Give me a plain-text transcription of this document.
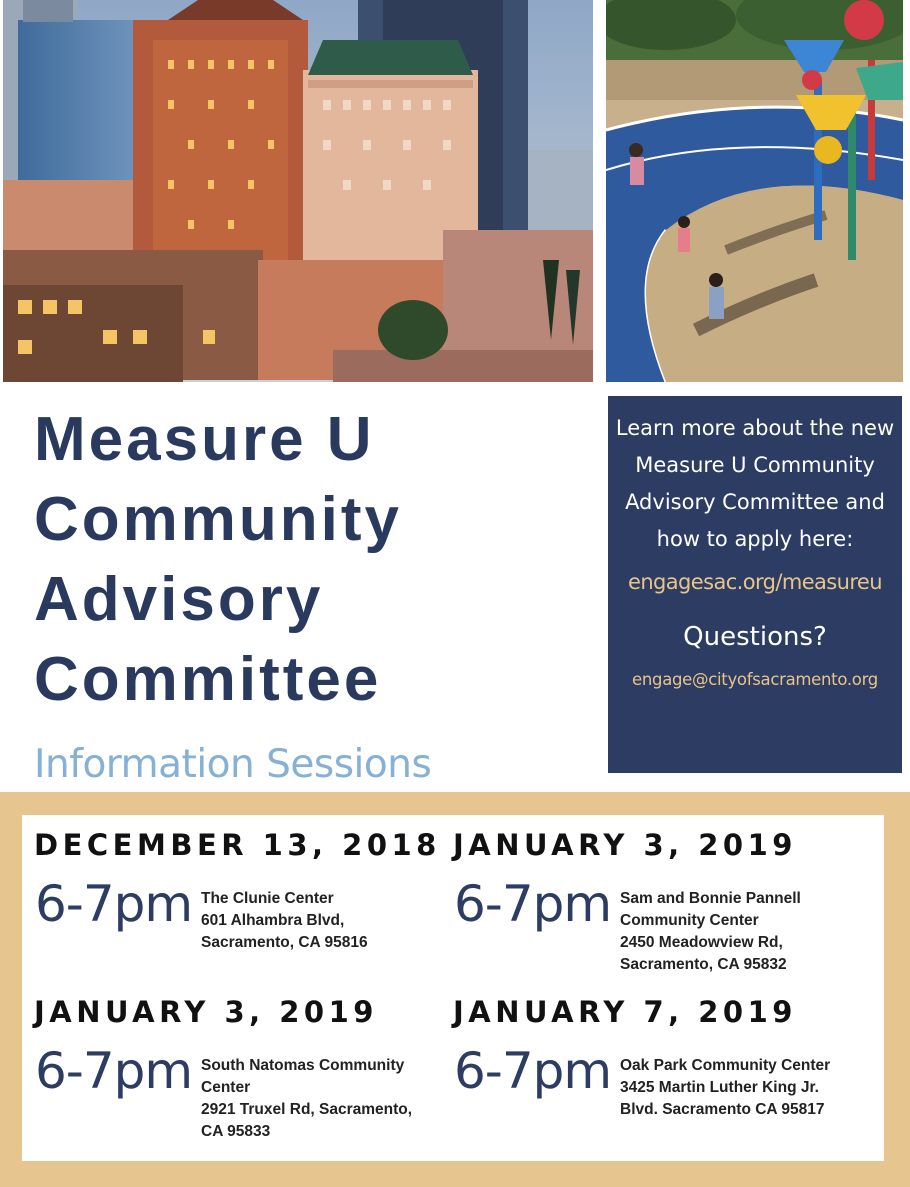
Measure U
Community
Advisory
Committee
Information Sessions
Learn more about the new Measure U Community Advisory Committee and how to apply here:
engagesac.org/measureu
Questions?
engage@cityofsacramento.org
DECEMBER 13, 2018
6-7pm The Clunie Center
601 Alhambra Blvd,
Sacramento, CA 95816
JANUARY 3, 2019
6-7pm Sam and Bonnie Pannell
Community Center
2450 Meadowview Rd,
Sacramento, CA 95832
JANUARY 3, 2019
6-7pm South Natomas Community
Center
2921 Truxel Rd, Sacramento,
CA 95833
JANUARY 7, 2019
6-7pm Oak Park Community Center
3425 Martin Luther King Jr.
Blvd. Sacramento CA 95817
